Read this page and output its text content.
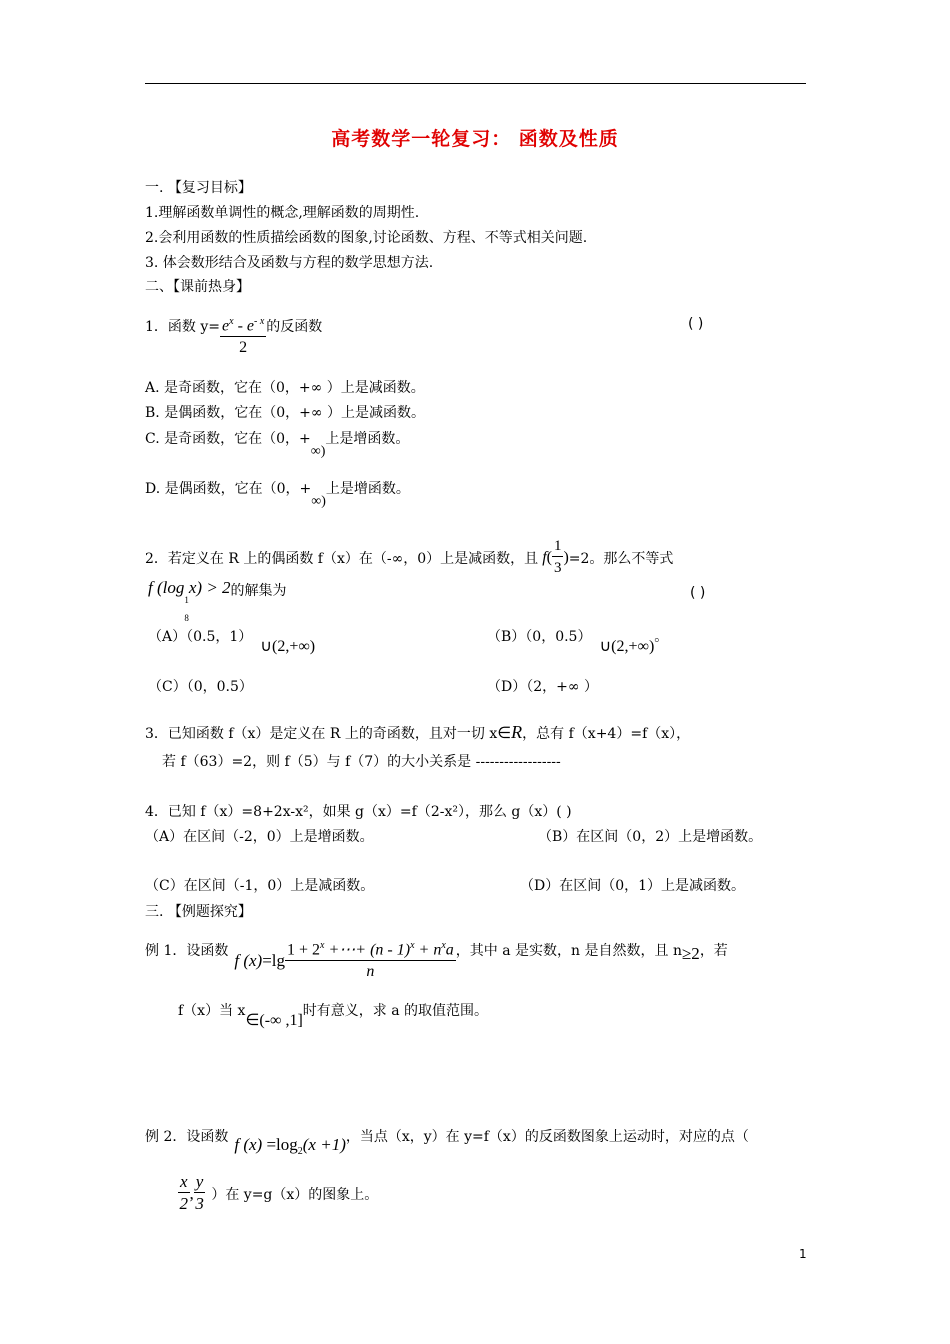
高考数学一轮复习： 函数及性质
一. 【复习目标】
1.理解函数单调性的概念,理解函数的周期性.
2.会利用函数的性质描绘函数的图象,讨论函数、方程、不等式相关问题.
3. 体会数形结合及函数与方程的数学思想方法.
二、【课前热身】
1．函数 $y= \frac{e^x - e^{- x}}{2}$ 的反函数	( )
A. 是奇函数，它在（0，+∞ ）上是减函数。
B. 是偶函数，它在（0，+∞ ）上是减函数。
C. 是奇函数，它在（0，+∞)上是增函数。
D. 是偶函数，它在（0，+∞)上是增函数。
2．若定义在 R 上的偶函数 f（x）在（-∞，0）上是减函数，且 f ( $\frac{1}{3}$ ) =2。那么不等式
f (log
1
8
x) > 2的解集为	( )
（A）（0.5，1）∪(2,+∞)
（B）（0，0.5）∪(2,+∞)。
（C）（0，0.5）	（D）（2，+∞ ）
3．已知函数 f（x）是定义在 R 上的奇函数，且对一切 x∈R，总有 f（x+4）=f（x），
若 f（63）=2，则 f（5）与 f（7）的大小关系是 ------------------
4．已知 f（x）=8+2x-x²，如果 g（x）=f（2-x²），那么 g（x）( )
（A）在区间（-2，0）上是增函数。	（B）在区间（0，2）上是增函数。
（C）在区间（-1，0）上是减函数。	（D）在区间（0，1）上是减函数。
三. 【例题探究】
例 1．设函数 f $(x) =\lg \frac{1 + 2^x +\cdots+ (n - 1)^x + n^xa}{n}$ ，其中 a 是实数，n 是自然数，且 n ≥2 ，若
f（x）当 x∈(-∞ ,1]时有意义，求 a 的取值范围。
例 2．设函数 f $(x) =\log_2(x +1)$，当点（x，y）在 y=f（x）的反函数图象上运动时，对应的点（
$\frac{x}{2}$ , $\frac{y}{3}$ ）在 y=g（x）的图象上。
1
